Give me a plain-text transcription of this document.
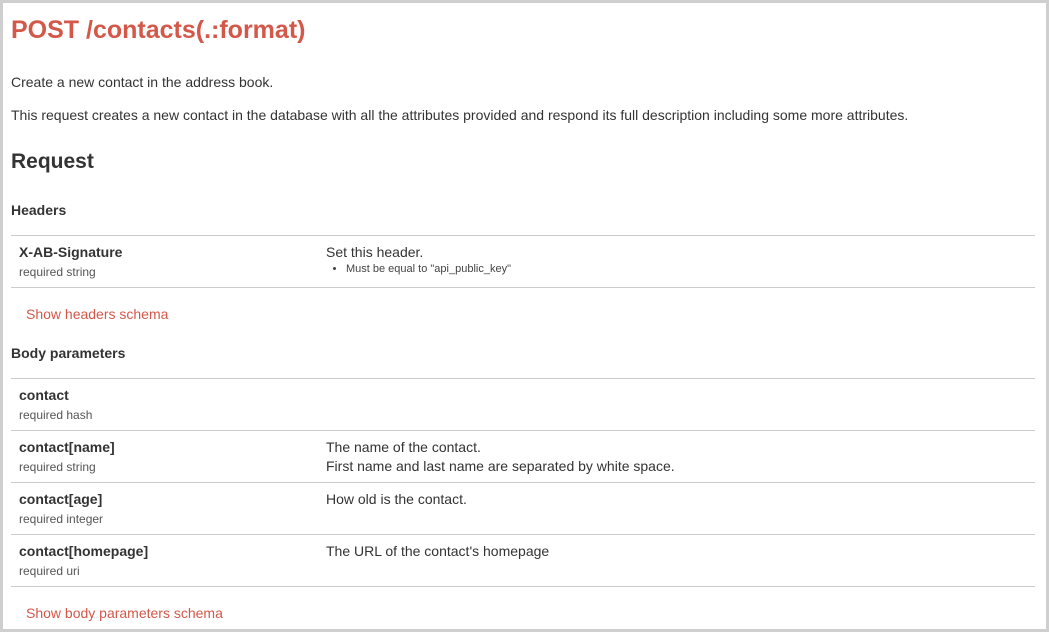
POST /contacts(.:format)
Create a new contact in the address book.
This request creates a new contact in the database with all the attributes provided and respond its full description including some more attributes.
Request
Headers
X-AB-Signature
required string
Set this header.
• Must be equal to "api_public_key"
Show headers schema
Body parameters
contact
required hash
contact[name]
required string
The name of the contact.
First name and last name are separated by white space.
contact[age]
required integer
How old is the contact.
contact[homepage]
required uri
The URL of the contact's homepage
Show body parameters schema
